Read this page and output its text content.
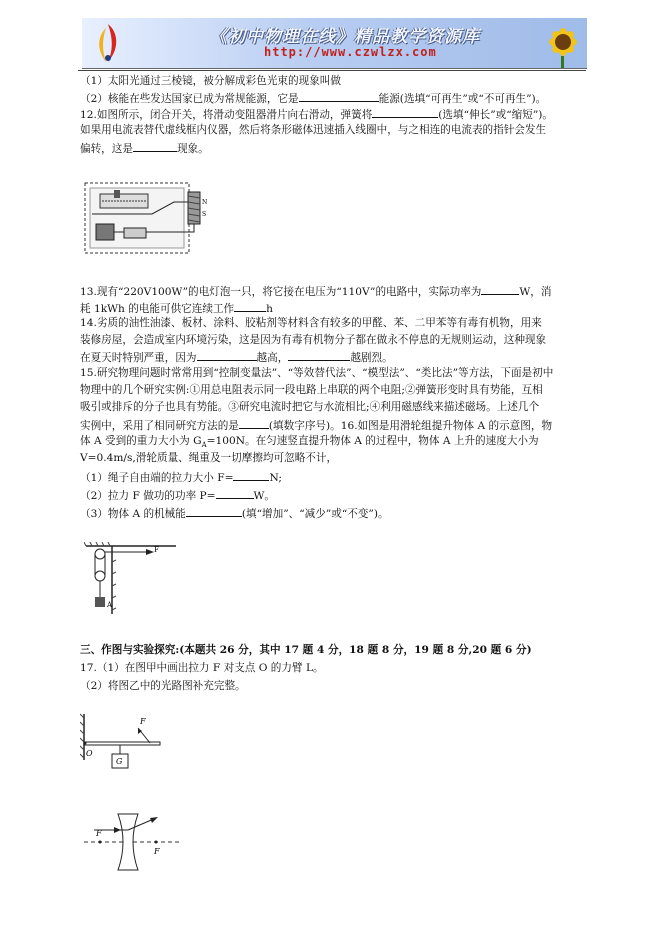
《初中物理在线》精品教学资源库
http://www.czwlzx.com
（1）太阳光通过三棱镜，被分解成彩色光束的现象叫做
（2）核能在些发达国家已成为常规能源，它是	能源(选填“可再生”或“不可再生”)。
12.如图所示，闭合开关，将滑动变阻器滑片向右滑动，弹簧将	(选填“伸长”或“缩短”)。
如果用电流表替代虚线框内仪器，然后将条形磁体迅速插入线圈中，与之相连的电流表的指针会发生
偏转，这是	现象。
N
S
13.现有“220V100W”的电灯泡一只，将它接在电压为“110V”的电路中，实际功率为	W，消
耗 1kWh 的电能可供它连续工作	h
14.劣质的油性油漆、板材、涂料、胶粘剂等材料含有较多的甲醛、苯、二甲苯等有毒有机物，用来
装修房屋，会造成室内环境污染，这是因为有毒有机物分子都在做永不停息的无规则运动，这种现象
在夏天时特别严重，因为	越高，	越剧烈。
15.研究物理问题时常常用到“控制变量法”、“等效替代法”、“模型法”、“类比法”等方法，下面是初中
物理中的几个研究实例:①用总电阻表示同一段电路上串联的两个电阻;②弹簧形变时具有势能，互相
吸引或排斥的分子也具有势能。③研究电流时把它与水流相比;④利用磁感线来描述磁场。上述几个
实例中，采用了相同研究方法的是	(填数字序号)。16.如图是用滑轮组提升物体 A 的示意图，物
体 A 受到的重力大小为 $G_A=100N$。在匀速竖直提升物体 A 的过程中，物体 A 上升的速度大小为
V=0.4m/s,滑轮质量、绳重及一切摩擦均可忽略不计，
（1）绳子自由端的拉力大小 F=	N;
（2）拉力 F 做功的功率 P=	W。
（3）物体 A 的机械能	(填“增加”、“减少”或“不变”)。
A
F
三、作图与实验探究:(本题共 26 分，其中 17 题 4 分，18 题 8 分，19 题 8 分,20 题 6 分)
17.（1）在图甲中画出拉力 F 对支点 O 的力臂 L。
（2）将图乙中的光路图补充完整。
O
F
G
F
F
